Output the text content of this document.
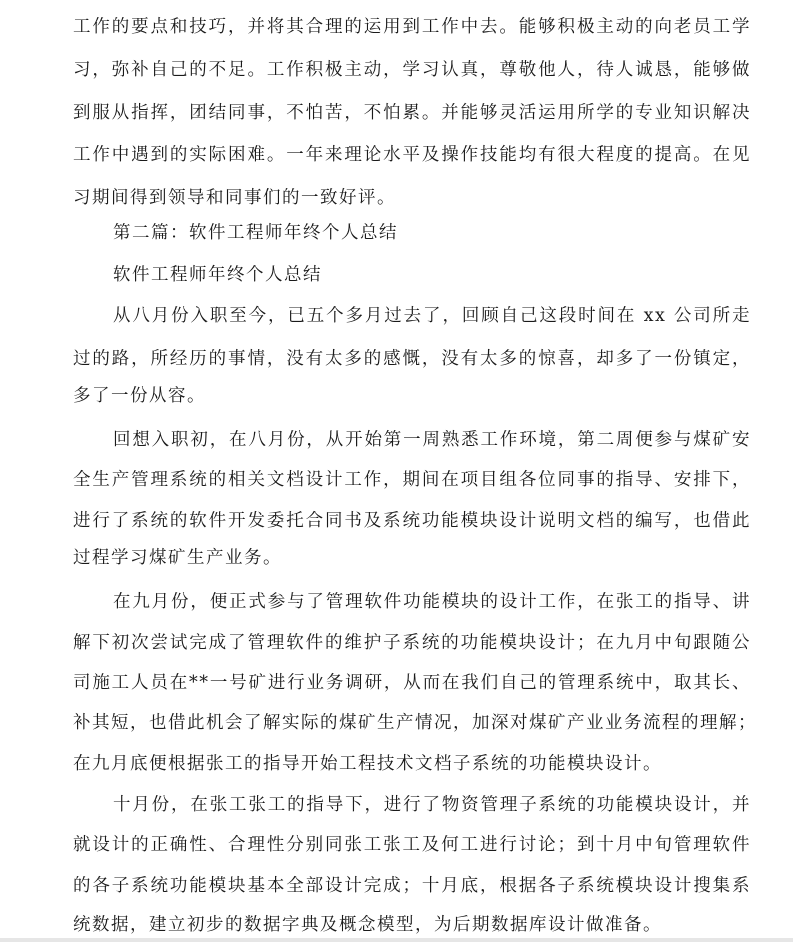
工作的要点和技巧，并将其合理的运用到工作中去。能够积极主动的向老员工学
习，弥补自己的不足。工作积极主动，学习认真，尊敬他人，待人诚恳，能够做
到服从指挥，团结同事，不怕苦，不怕累。并能够灵活运用所学的专业知识解决
工作中遇到的实际困难。一年来理论水平及操作技能均有很大程度的提高。在见
习期间得到领导和同事们的一致好评。
第二篇：软件工程师年终个人总结
软件工程师年终个人总结
从八月份入职至今，已五个多月过去了，回顾自己这段时间在 xx 公司所走
过的路，所经历的事情，没有太多的感慨，没有太多的惊喜，却多了一份镇定，
多了一份从容。
回想入职初，在八月份，从开始第一周熟悉工作环境，第二周便参与煤矿安
全生产管理系统的相关文档设计工作，期间在项目组各位同事的指导、安排下，
进行了系统的软件开发委托合同书及系统功能模块设计说明文档的编写，也借此
过程学习煤矿生产业务。
在九月份，便正式参与了管理软件功能模块的设计工作，在张工的指导、讲
解下初次尝试完成了管理软件的维护子系统的功能模块设计；在九月中旬跟随公
司施工人员在**一号矿进行业务调研，从而在我们自己的管理系统中，取其长、
补其短，也借此机会了解实际的煤矿生产情况，加深对煤矿产业业务流程的理解；
在九月底便根据张工的指导开始工程技术文档子系统的功能模块设计。
十月份，在张工张工的指导下，进行了物资管理子系统的功能模块设计，并
就设计的正确性、合理性分别同张工张工及何工进行讨论；到十月中旬管理软件
的各子系统功能模块基本全部设计完成；十月底，根据各子系统模块设计搜集系
统数据，建立初步的数据字典及概念模型，为后期数据库设计做准备。
